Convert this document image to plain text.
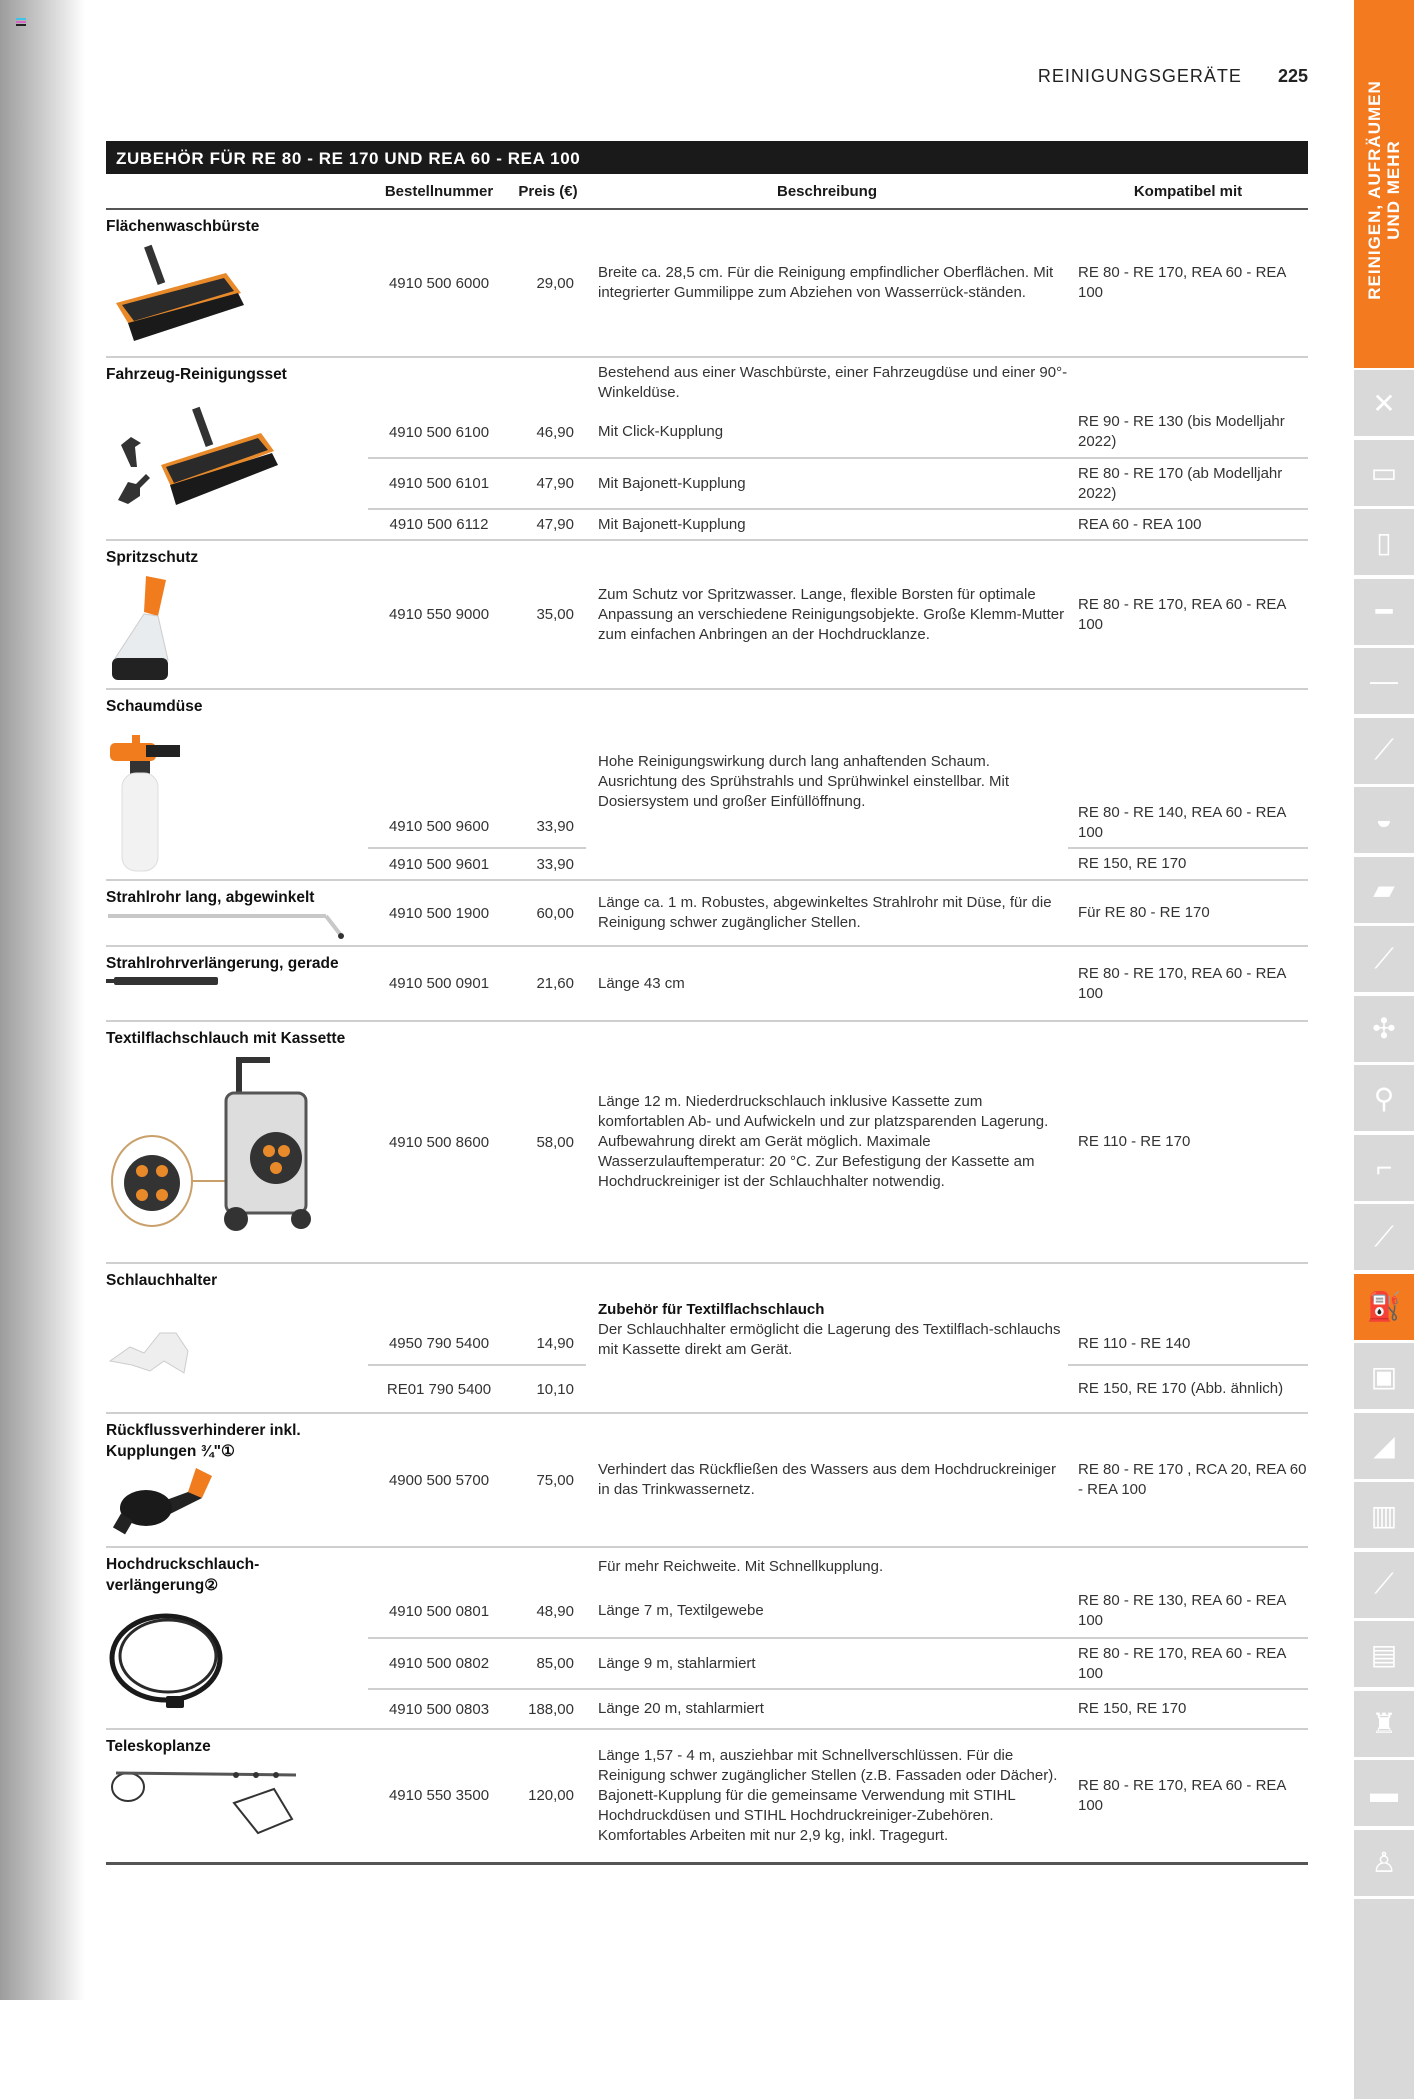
REINIGUNGSGERÄTE 225
REINIGEN, AUFRÄUMEN UND MEHR
✕
▭
▯
━
—
⟋
◒
▰
⟋
✣
⚲
⌐
⟋
⛽
▣
◢
▥
⟋
▤
♜
▬
♙
ZUBEHÖR FÜR RE 80 - RE 170 UND REA 60 - REA 100
	Bestellnummer	Preis (€)	Beschreibung	Kompatibel mit

Flächenwaschbürste	4910 500 6000	29,00	Breite ca. 28,5 cm. Für die Reinigung empfindlicher Oberflächen. Mit integrierter Gummilippe zum Abziehen von Wasserrück-ständen.	RE 80 - RE 170, REA 60 - REA 100

Fahrzeug-Reinigungsset			Bestehend aus einer Waschbürste, einer Fahrzeugdüse und einer 90°-Winkeldüse.	
	4910 500 6100	46,90	Mit Click-Kupplung	RE 90 - RE 130 (bis Modelljahr 2022)
	4910 500 6101	47,90	Mit Bajonett-Kupplung	RE 80 - RE 170 (ab Modelljahr 2022)
	4910 500 6112	47,90	Mit Bajonett-Kupplung	REA 60 - REA 100

Spritzschutz	4910 550 9000	35,00	Zum Schutz vor Spritzwasser. Lange, flexible Borsten für optimale Anpassung an verschiedene Reinigungsobjekte. Große Klemm-Mutter zum einfachen Anbringen an der Hochdrucklanze.	RE 80 - RE 170, REA 60 - REA 100

Schaumdüse	4910 500 9600	33,90	Hohe Reinigungswirkung durch lang anhaftenden Schaum. Ausrichtung des Sprühstrahls und Sprühwinkel einstellbar. Mit Dosiersystem und großer Einfüllöffnung.	RE 80 - RE 140, REA 60 - REA 100
	4910 500 9601	33,90		RE 150, RE 170

Strahlrohr lang, abgewinkelt	4910 500 1900	60,00	Länge ca. 1 m. Robustes, abgewinkeltes Strahlrohr mit Düse, für die Reinigung schwer zugänglicher Stellen.	Für RE 80 - RE 170

Strahlrohrverlängerung, gerade	4910 500 0901	21,60	Länge 43 cm	RE 80 - RE 170, REA 60 - REA 100

Textilflachschlauch mit Kassette	4910 500 8600	58,00	Länge 12 m. Niederdruckschlauch inklusive Kassette zum komfortablen Ab- und Aufwickeln und zur platzsparenden Lagerung. Aufbewahrung direkt am Gerät möglich. Maximale Wasserzulauftemperatur: 20 °C. Zur Befestigung der Kassette am Hochdruckreiniger ist der Schlauchhalter notwendig.	RE 110 - RE 170

Schlauchhalter			Zubehör für Textilflachschlauch
Der Schlauchhalter ermöglicht die Lagerung des Textilflach-schlauchs mit Kassette direkt am Gerät.	

	4950 790 5400	14,90		RE 110 - RE 140
	RE01 790 5400	10,10		RE 150, RE 170 (Abb. ähnlich)

Rückflussverhinderer inkl. Kupplungen ¾"①	4900 500 5700	75,00	Verhindert das Rückfließen des Wassers aus dem Hochdruckreiniger in das Trinkwassernetz.	RE 80 - RE 170 , RCA 20, REA 60 - REA 100

Hochdruckschlauch-verlängerung②			Für mehr Reichweite. Mit Schnellkupplung.	
	4910 500 0801	48,90	Länge 7 m, Textilgewebe	RE 80 - RE 130, REA 60 - REA 100
	4910 500 0802	85,00	Länge 9 m, stahlarmiert	RE 80 - RE 170, REA 60 - REA 100
	4910 500 0803	188,00	Länge 20 m, stahlarmiert	RE 150, RE 170

Teleskoplanze	4910 550 3500	120,00	Länge 1,57 - 4 m, ausziehbar mit Schnellverschlüssen. Für die Reinigung schwer zugänglicher Stellen (z.B. Fassaden oder Dächer). Bajonett-Kupplung für die gemeinsame Verwendung mit STIHL Hochdruckdüsen und STIHL Hochdruckreiniger-Zubehören. Komfortables Arbeiten mit nur 2,9 kg, inkl. Tragegurt.	RE 80 - RE 170, REA 60 - REA 100
